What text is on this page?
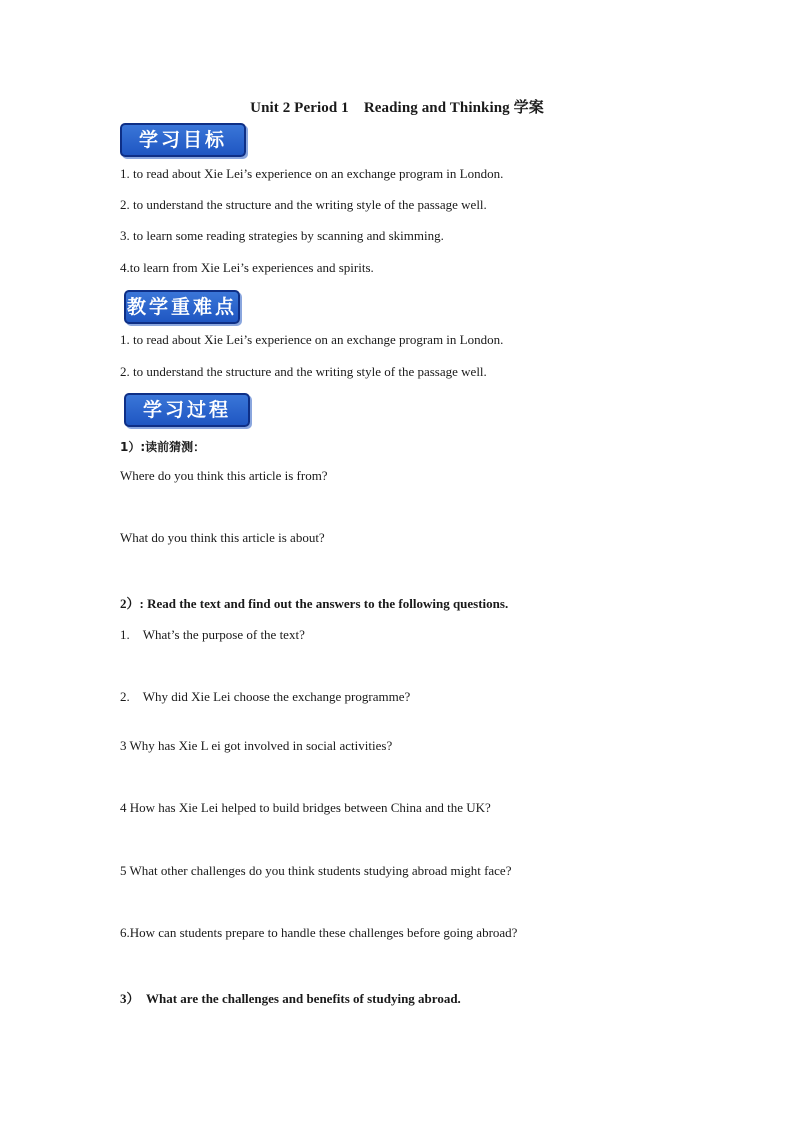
Unit 2 Period 1　Reading and Thinking 学案
学习目标
1. to read about Xie Lei’s experience on an exchange program in London.
2. to understand the structure and the writing style of the passage well.
3. to learn some reading strategies by scanning and skimming.
4.to learn from Xie Lei’s experiences and spirits.
教学重难点
1. to read about Xie Lei’s experience on an exchange program in London.
2. to understand the structure and the writing style of the passage well.
学习过程
1）:读前猜测：
Where do you think this article is from?
What do you think this article is about?
2）: Read the text and find out the answers to the following questions.
1.　What’s the purpose of the text?
2.　Why did Xie Lei choose the exchange programme?
3 Why has Xie L ei got involved in social activities?
4 How has Xie Lei helped to build bridges between China and the UK?
5 What other challenges do you think students studying abroad might face?
6.How can students prepare to handle these challenges before going abroad?
3）　What are the challenges and benefits of studying abroad.
